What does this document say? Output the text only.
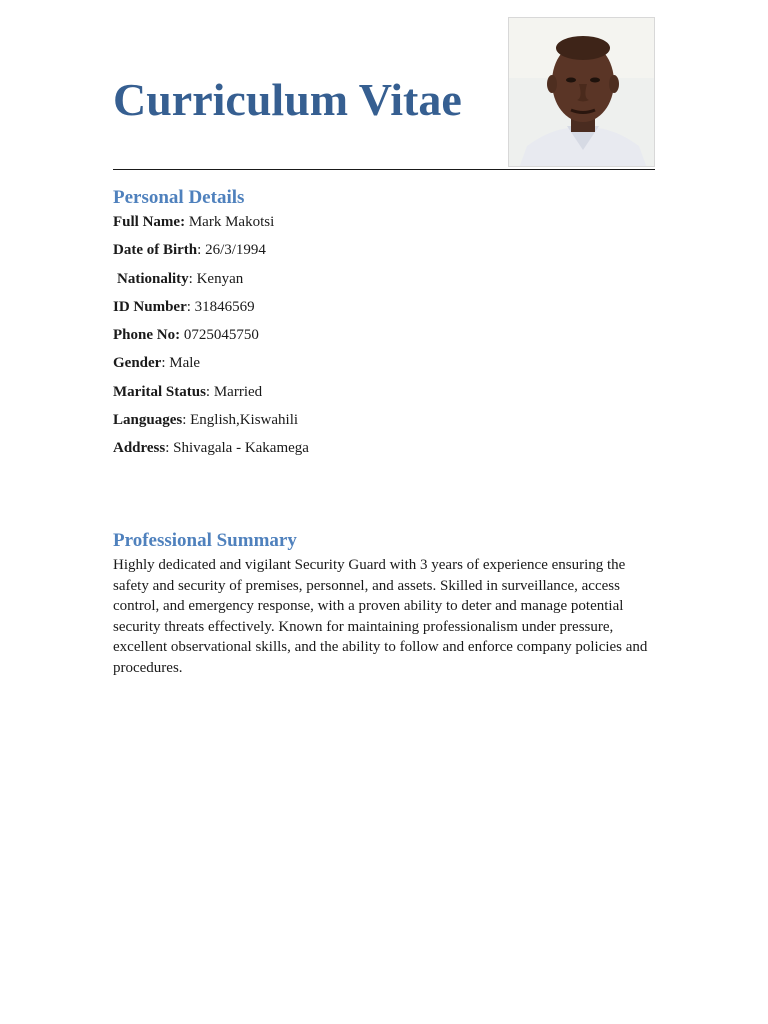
Curriculum Vitae
Personal Details
Full Name: Mark Makotsi
Date of Birth: 26/3/1994
Nationality: Kenyan
ID Number: 31846569
Phone No: 0725045750
Gender: Male
Marital Status: Married
Languages: English,Kiswahili
Address: Shivagala - Kakamega
Professional Summary

Highly dedicated and vigilant Security Guard with 3 years of experience ensuring the safety and security of premises, personnel, and assets. Skilled in surveillance, access control, and emergency response, with a proven ability to deter and manage potential security threats effectively. Known for maintaining professionalism under pressure, excellent observational skills, and the ability to follow and enforce company policies and procedures.
